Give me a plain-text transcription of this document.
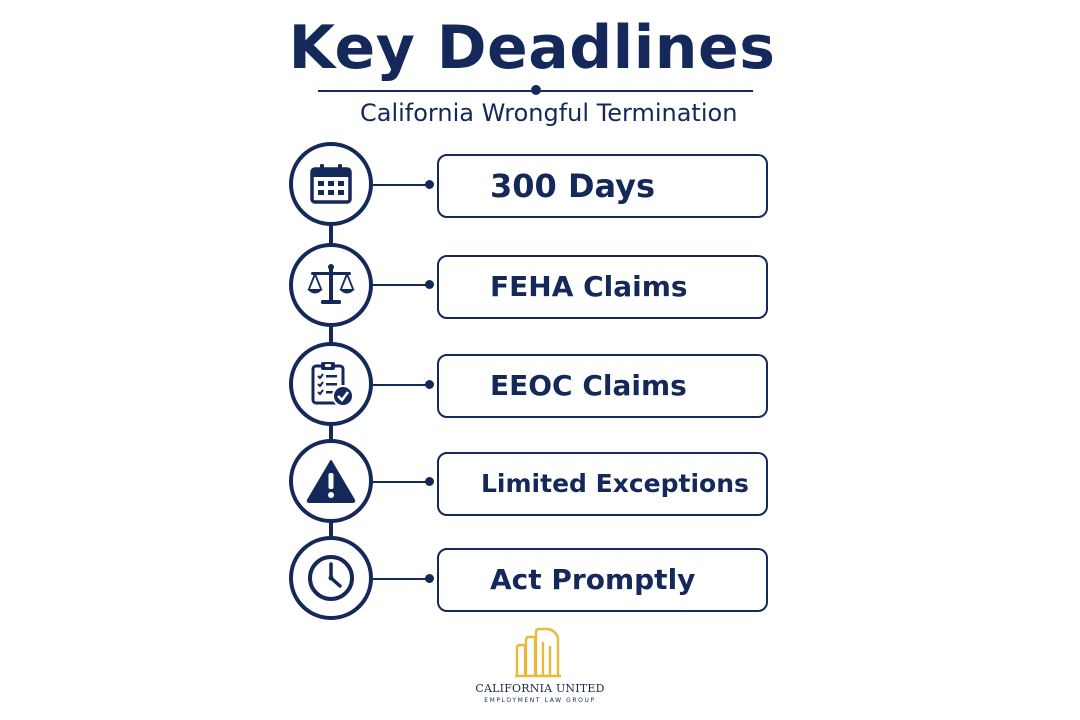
Key Deadlines
California Wrongful Termination
300 Days
FEHA Claims
EEOC Claims
Limited Exceptions
Act Promptly
CALIFORNIA UNITED
EMPLOYMENT LAW GROUP
